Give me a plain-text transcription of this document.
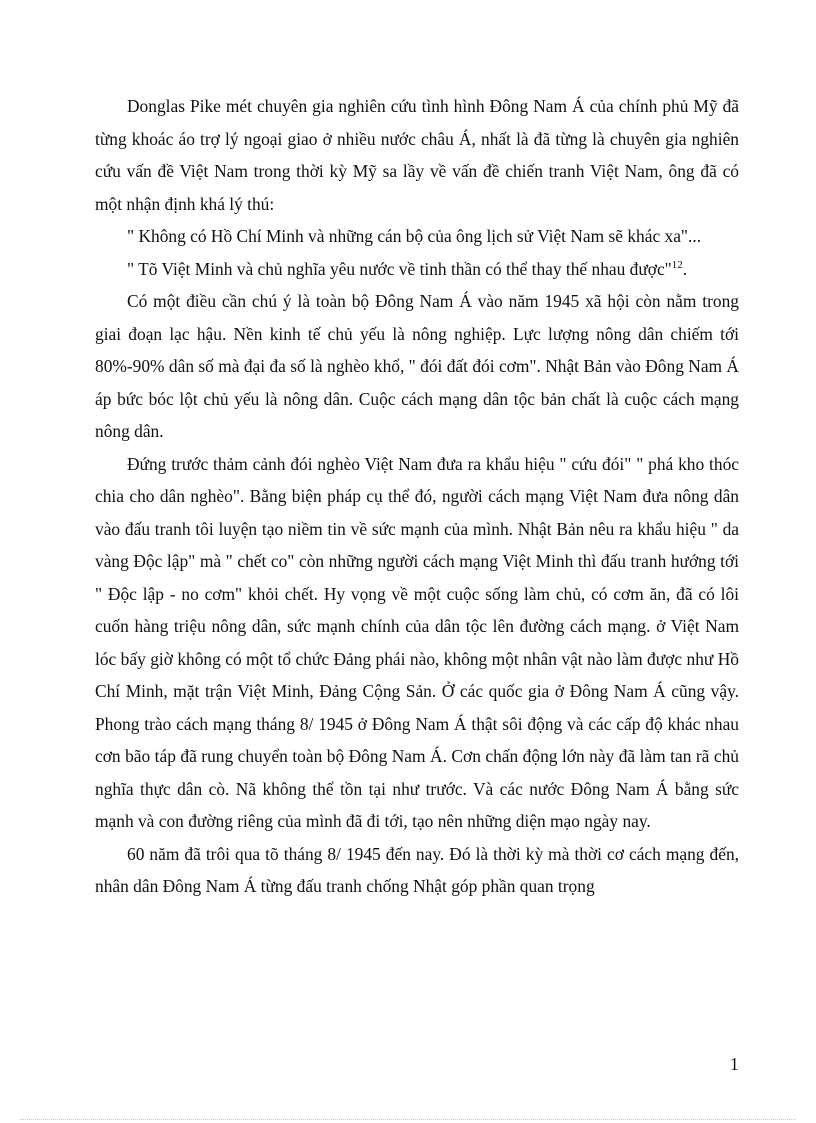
Donglas Pike mét chuyên gia nghiên cứu tình hình Đông Nam Á của chính phủ Mỹ đã từng khoác áo trợ lý ngoại giao ở nhiều nước châu Á, nhất là đã từng là chuyên gia nghiên cứu vấn đề Việt Nam trong thời kỳ Mỹ sa lầy về vấn đề chiến tranh Việt Nam, ông đã có một nhận định khá lý thú:

" Không có Hồ Chí Minh và những cán bộ của ông lịch sử Việt Nam sẽ khác xa"...

" Tõ Việt Minh và chủ nghĩa yêu nước về tinh thần có thể thay thế nhau được"$^{12}$.

Có một điều cần chú ý là toàn bộ Đông Nam Á vào năm 1945 xã hội còn nằm trong giai đoạn lạc hậu. Nền kinh tế chủ yếu là nông nghiệp. Lực lượng nông dân chiếm tới 80%-90% dân số mà đại đa số là nghèo khổ, " đói đất đói cơm". Nhật Bản vào Đông Nam Á áp bức bóc lột chủ yếu là nông dân. Cuộc cách mạng dân tộc bản chất là cuộc cách mạng nông dân.

Đứng trước thảm cảnh đói nghèo Việt Nam đưa ra khẩu hiệu " cứu đói" " phá kho thóc chia cho dân nghèo". Bằng biện pháp cụ thể đó, người cách mạng Việt Nam đưa nông dân vào đấu tranh tôi luyện tạo niềm tin về sức mạnh của mình. Nhật Bản nêu ra khẩu hiệu " da vàng Độc lập" mà " chết co" còn những người cách mạng Việt Minh thì đấu tranh hướng tới " Độc lập - no cơm" khỏi chết. Hy vọng về một cuộc sống làm chủ, có cơm ăn, đã có lôi cuốn hàng triệu nông dân, sức mạnh chính của dân tộc lên đường cách mạng. ở Việt Nam lóc bấy giờ không có một tổ chức Đảng phái nào, không một nhân vật nào làm được như Hồ Chí Minh, mặt trận Việt Minh, Đảng Cộng Sản. Ở các quốc gia ở Đông Nam Á cũng vậy. Phong trào cách mạng tháng 8/ 1945 ở Đông Nam Á thật sôi động và các cấp độ khác nhau cơn bão táp đã rung chuyển toàn bộ Đông Nam Á. Cơn chấn động lớn này đã làm tan rã chủ nghĩa thực dân cò. Nã không thể tồn tại như trước. Và các nước Đông Nam Á bằng sức mạnh và con đường riêng của mình đã đi tới, tạo nên những diện mạo ngày nay.

60 năm đã trôi qua tõ tháng 8/ 1945 đến nay. Đó là thời kỳ mà thời cơ cách mạng đến, nhân dân Đông Nam Á từng đấu tranh chống Nhật góp phần quan trọng

1
